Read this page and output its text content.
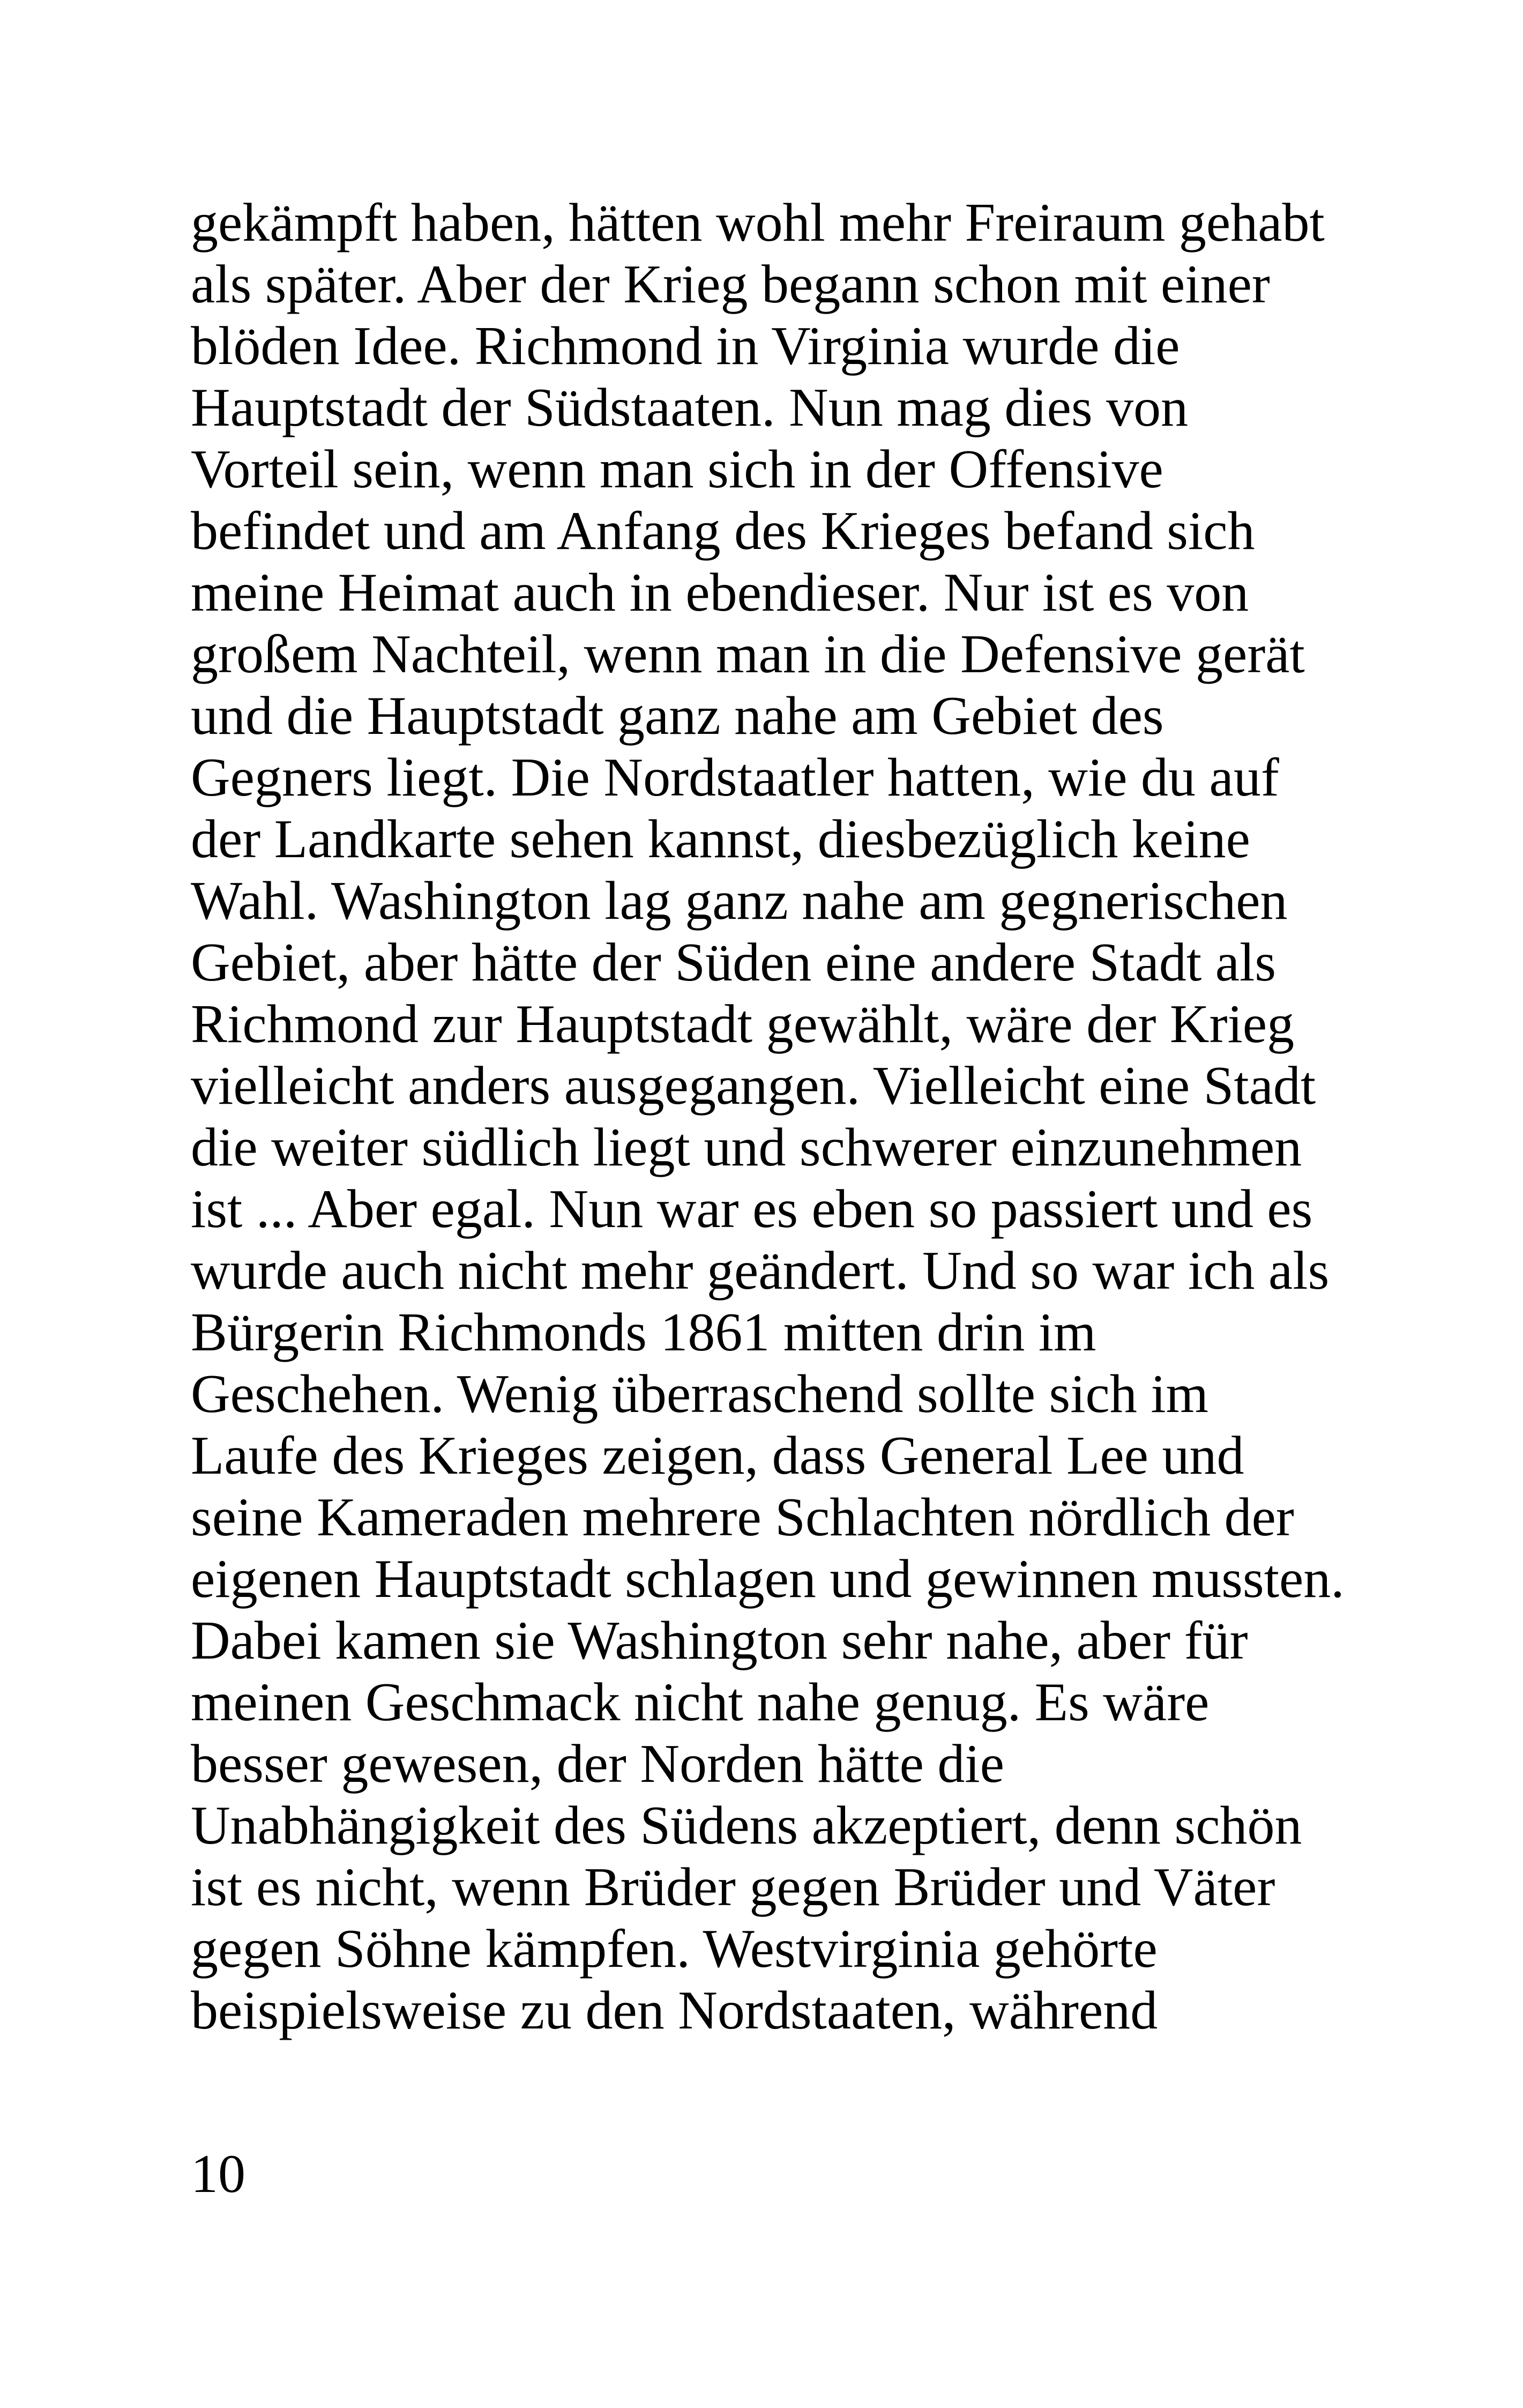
gekämpft haben, hätten wohl mehr Freiraum gehabt
als später. Aber der Krieg begann schon mit einer
blöden Idee. Richmond in Virginia wurde die
Hauptstadt der Südstaaten. Nun mag dies von
Vorteil sein, wenn man sich in der Offensive
befindet und am Anfang des Krieges befand sich
meine Heimat auch in ebendieser. Nur ist es von
großem Nachteil, wenn man in die Defensive gerät
und die Hauptstadt ganz nahe am Gebiet des
Gegners liegt. Die Nordstaatler hatten, wie du auf
der Landkarte sehen kannst, diesbezüglich keine
Wahl. Washington lag ganz nahe am gegnerischen
Gebiet, aber hätte der Süden eine andere Stadt als
Richmond zur Hauptstadt gewählt, wäre der Krieg
vielleicht anders ausgegangen. Vielleicht eine Stadt
die weiter südlich liegt und schwerer einzunehmen
ist ... Aber egal. Nun war es eben so passiert und es
wurde auch nicht mehr geändert. Und so war ich als
Bürgerin Richmonds 1861 mitten drin im
Geschehen. Wenig überraschend sollte sich im
Laufe des Krieges zeigen, dass General Lee und
seine Kameraden mehrere Schlachten nördlich der
eigenen Hauptstadt schlagen und gewinnen mussten.
Dabei kamen sie Washington sehr nahe, aber für
meinen Geschmack nicht nahe genug. Es wäre
besser gewesen, der Norden hätte die
Unabhängigkeit des Südens akzeptiert, denn schön
ist es nicht, wenn Brüder gegen Brüder und Väter
gegen Söhne kämpfen. Westvirginia gehörte
beispielsweise zu den Nordstaaten, während

10
